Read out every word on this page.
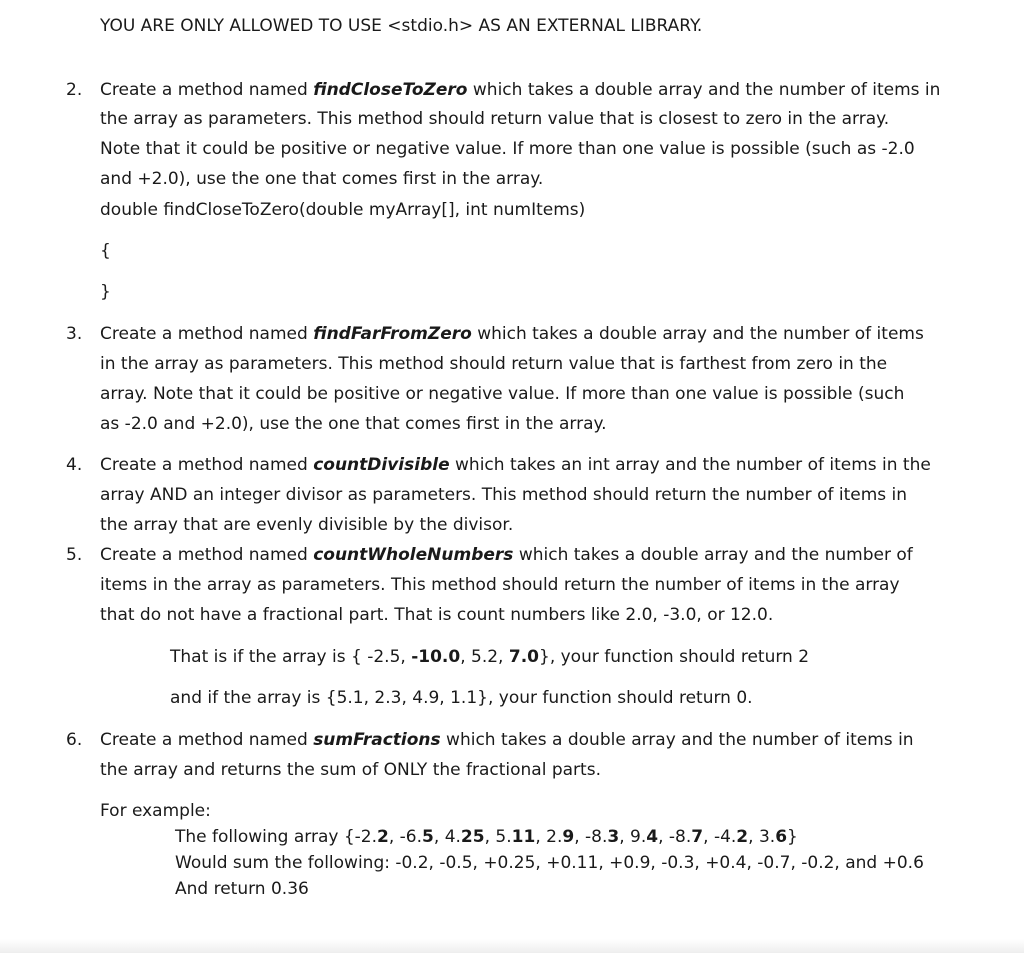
YOU ARE ONLY ALLOWED TO USE <stdio.h> AS AN EXTERNAL LIBRARY.
2. Create a method named findCloseToZero which takes a double array and the number of items in
the array as parameters. This method should return value that is closest to zero in the array.
Note that it could be positive or negative value. If more than one value is possible (such as -2.0
and +2.0), use the one that comes first in the array.
double findCloseToZero(double myArray[], int numItems)
{
}
3. Create a method named findFarFromZero which takes a double array and the number of items
in the array as parameters. This method should return value that is farthest from zero in the
array. Note that it could be positive or negative value. If more than one value is possible (such
as -2.0 and +2.0), use the one that comes first in the array.
4. Create a method named countDivisible which takes an int array and the number of items in the
array AND an integer divisor as parameters. This method should return the number of items in
the array that are evenly divisible by the divisor.
5. Create a method named countWholeNumbers which takes a double array and the number of
items in the array as parameters. This method should return the number of items in the array
that do not have a fractional part. That is count numbers like 2.0, -3.0, or 12.0.
That is if the array is { -2.5, -10.0, 5.2, 7.0}, your function should return 2
and if the array is {5.1, 2.3, 4.9, 1.1}, your function should return 0.
6. Create a method named sumFractions which takes a double array and the number of items in
the array and returns the sum of ONLY the fractional parts.
For example:
The following array {-2.2, -6.5, 4.25, 5.11, 2.9, -8.3, 9.4, -8.7, -4.2, 3.6}
Would sum the following: -0.2, -0.5, +0.25, +0.11, +0.9, -0.3, +0.4, -0.7, -0.2, and +0.6
And return 0.36
